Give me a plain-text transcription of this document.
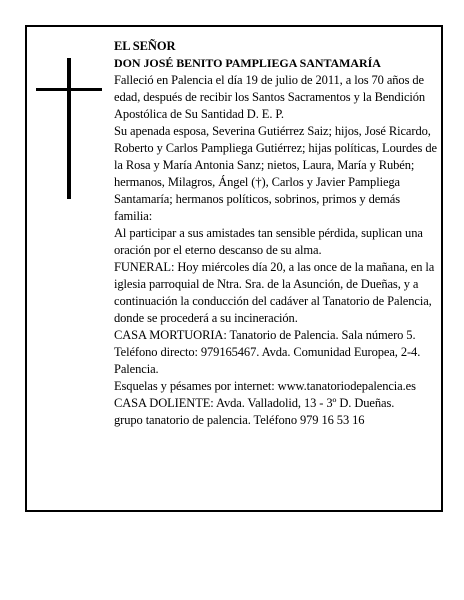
EL SEÑOR

DON JOSÉ BENITO PAMPLIEGA SANTAMARÍA

Falleció en Palencia el día 19 de julio de 2011, a los 70 años de edad, después de recibir los Santos Sacramentos y la Bendición Apostólica de Su Santidad D. E. P.

Su apenada esposa, Severina Gutiérrez Saiz; hijos, José Ricardo, Roberto y Carlos Pampliega Gutiérrez; hijas políticas, Lourdes de la Rosa y María Antonia Sanz; nietos, Laura, María y Rubén; hermanos, Milagros, Ángel (†), Carlos y Javier Pampliega Santamaría; hermanos políticos, sobrinos, primos y demás familia:

Al participar a sus amistades tan sensible pérdida, suplican una oración por el eterno descanso de su alma.

FUNERAL: Hoy miércoles día 20, a las once de la mañana, en la iglesia parroquial de Ntra. Sra. de la Asunción, de Dueñas, y a continuación la conducción del cadáver al Tanatorio de Palencia, donde se procederá a su incineración.

CASA MORTUORIA: Tanatorio de Palencia. Sala número 5. Teléfono directo: 979165467. Avda. Comunidad Europea, 2-4. Palencia.

Esquelas y pésames por internet: www.tanatoriodepalencia.es

CASA DOLIENTE: Avda. Valladolid, 13 - 3º D. Dueñas.

grupo tanatorio de palencia. Teléfono 979 16 53 16
